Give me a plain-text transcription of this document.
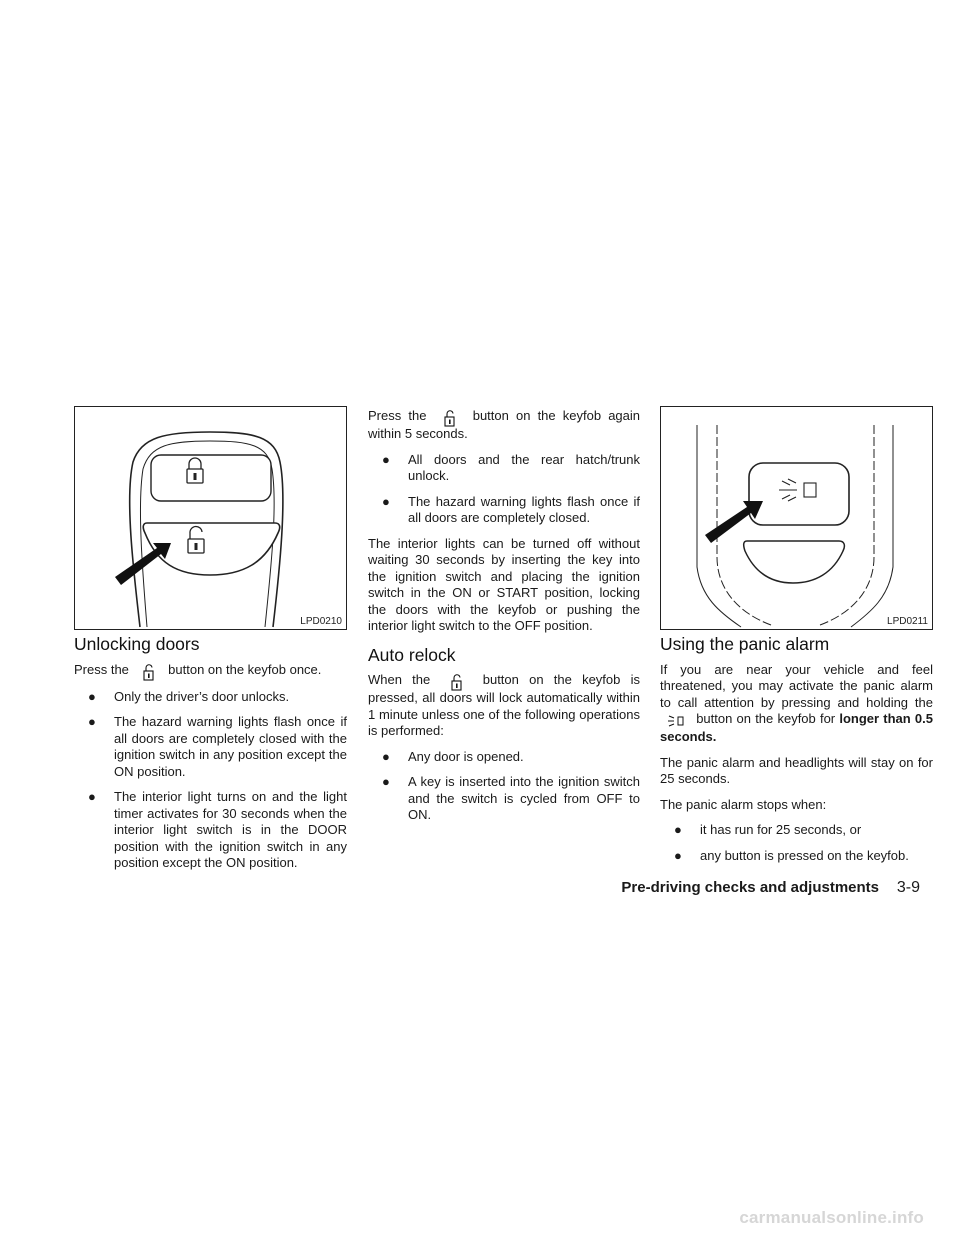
LPD0210	LPD0211
Unlocking doors

Press the	button on the keyfob once.

● Only the driver’s door unlocks.
● The hazard warning lights flash once if all doors are completely closed with the ignition switch in any position except the ON position.
● The interior light turns on and the light timer activates for 30 seconds when the interior light switch is in the DOOR position with the ignition switch in any position except the ON position.

Press the	button on the keyfob again within 5 seconds.

● All doors and the rear hatch/trunk unlock.
● The hazard warning lights flash once if all doors are completely closed.

The interior lights can be turned off without waiting 30 seconds by inserting the key into the ignition switch and placing the ignition switch in the ON or START position, locking the doors with the keyfob or pushing the interior light switch to the OFF position.

Auto relock

When the	button on the keyfob is pressed, all doors will lock automatically within 1 minute unless one of the following operations is performed:

● Any door is opened.
● A key is inserted into the ignition switch and the switch is cycled from OFF to ON.
Using the panic alarm

If you are near your vehicle and feel threatened, you may activate the panic alarm to call attention by pressing and holding the  button on the keyfob for longer than 0.5 seconds.

The panic alarm and headlights will stay on for 25 seconds.

The panic alarm stops when:

● it has run for 25 seconds, or
● any button is pressed on the keyfob.
Pre-driving checks and adjustments 3-9
carmanualsonline.info
